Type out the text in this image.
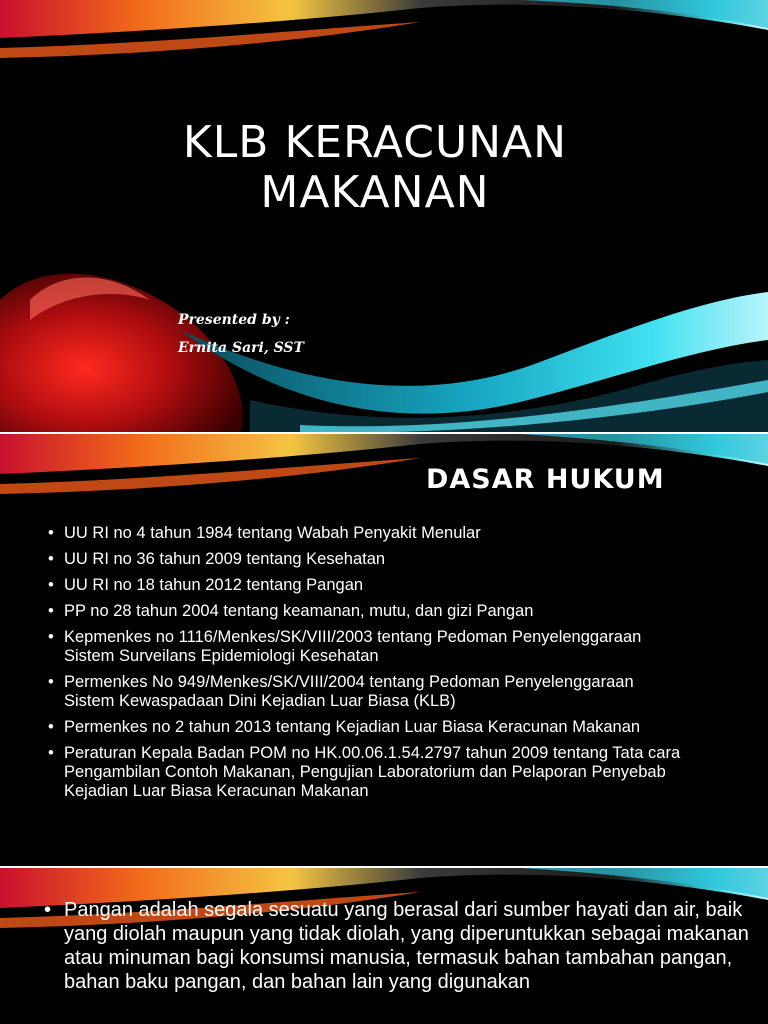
KLB KERACUNAN
MAKANAN
Presented by :
Ernita Sari, SST
DASAR HUKUM
• UU RI no 4 tahun 1984 tentang Wabah Penyakit Menular
• UU RI no 36 tahun 2009 tentang Kesehatan
• UU RI no 18 tahun 2012 tentang Pangan
• PP no 28 tahun 2004 tentang keamanan, mutu, dan gizi Pangan
• Kepmenkes no 1116/Menkes/SK/VIII/2003 tentang Pedoman Penyelenggaraan Sistem Surveilans Epidemiologi Kesehatan
• Permenkes No 949/Menkes/SK/VIII/2004 tentang Pedoman Penyelenggaraan Sistem Kewaspadaan Dini Kejadian Luar Biasa (KLB)
• Permenkes no 2 tahun 2013 tentang Kejadian Luar Biasa Keracunan Makanan
• Peraturan Kepala Badan POM no HK.00.06.1.54.2797 tahun 2009 tentang Tata cara Pengambilan Contoh Makanan, Pengujian Laboratorium dan Pelaporan Penyebab Kejadian Luar Biasa Keracunan Makanan
• Pangan adalah segala sesuatu yang berasal dari sumber hayati dan air, baik yang diolah maupun yang tidak diolah, yang diperuntukkan sebagai makanan atau minuman bagi konsumsi manusia, termasuk bahan tambahan pangan, bahan baku pangan, dan bahan lain yang digunakan
